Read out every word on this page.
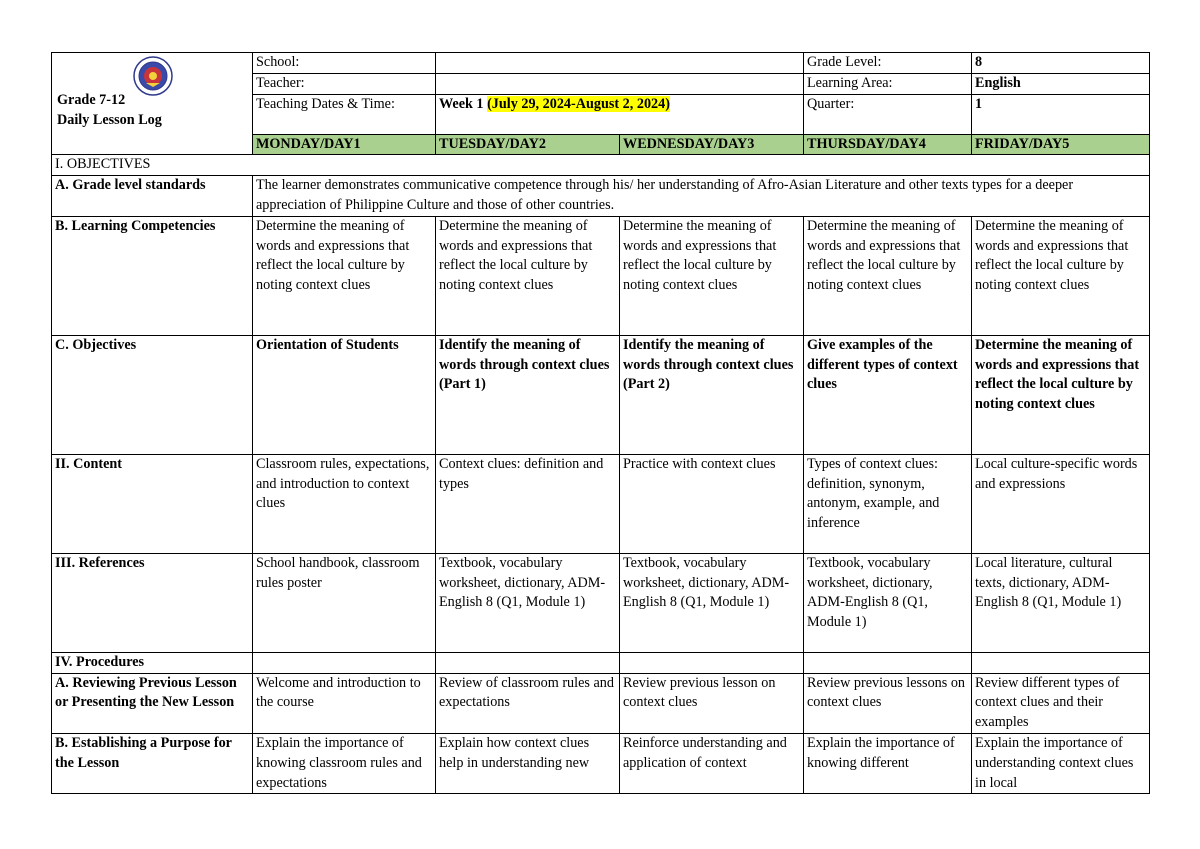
Grade 7-12
Daily Lesson Log	School:			Grade Level:	8
	Teacher:			Learning Area:	English
	Teaching Dates & Time:	Week 1 (July 29, 2024-August 2, 2024)		Quarter:	1
	MONDAY/DAY1	TUESDAY/DAY2	WEDNESDAY/DAY3	THURSDAY/DAY4	FRIDAY/DAY5
I. OBJECTIVES					
A. Grade level standards	The learner demonstrates communicative competence through his/ her understanding of Afro-Asian Literature and other texts types for a deeper appreciation of Philippine Culture and those of other countries.				
B. Learning Competencies	Determine the meaning of words and expressions that reflect the local culture by noting context clues	Determine the meaning of words and expressions that reflect the local culture by noting context clues	Determine the meaning of words and expressions that reflect the local culture by noting context clues	Determine the meaning of words and expressions that reflect the local culture by noting context clues	Determine the meaning of words and expressions that reflect the local culture by noting context clues
C. Objectives	Orientation of Students	Identify the meaning of words through context clues (Part 1)	Identify the meaning of words through context clues (Part 2)	Give examples of the different types of context clues	Determine the meaning of words and expressions that reflect the local culture by noting context clues
II. Content	Classroom rules, expectations, and introduction to context clues	Context clues: definition and types	Practice with context clues	Types of context clues: definition, synonym, antonym, example, and inference	Local culture-specific words and expressions
III. References	School handbook, classroom rules poster	Textbook, vocabulary worksheet, dictionary, ADM-English 8 (Q1, Module 1)	Textbook, vocabulary worksheet, dictionary, ADM-English 8 (Q1, Module 1)	Textbook, vocabulary worksheet, dictionary, ADM-English 8 (Q1, Module 1)	Local literature, cultural texts, dictionary, ADM-English 8 (Q1, Module 1)
IV. Procedures					
A. Reviewing Previous Lesson or Presenting the New Lesson	Welcome and introduction to the course	Review of classroom rules and expectations	Review previous lesson on context clues	Review previous lessons on context clues	Review different types of context clues and their examples
B. Establishing a Purpose for the Lesson	Explain the importance of knowing classroom rules and expectations	Explain how context clues help in understanding new	Reinforce understanding and application of context	Explain the importance of knowing different	Explain the importance of understanding context clues in local
